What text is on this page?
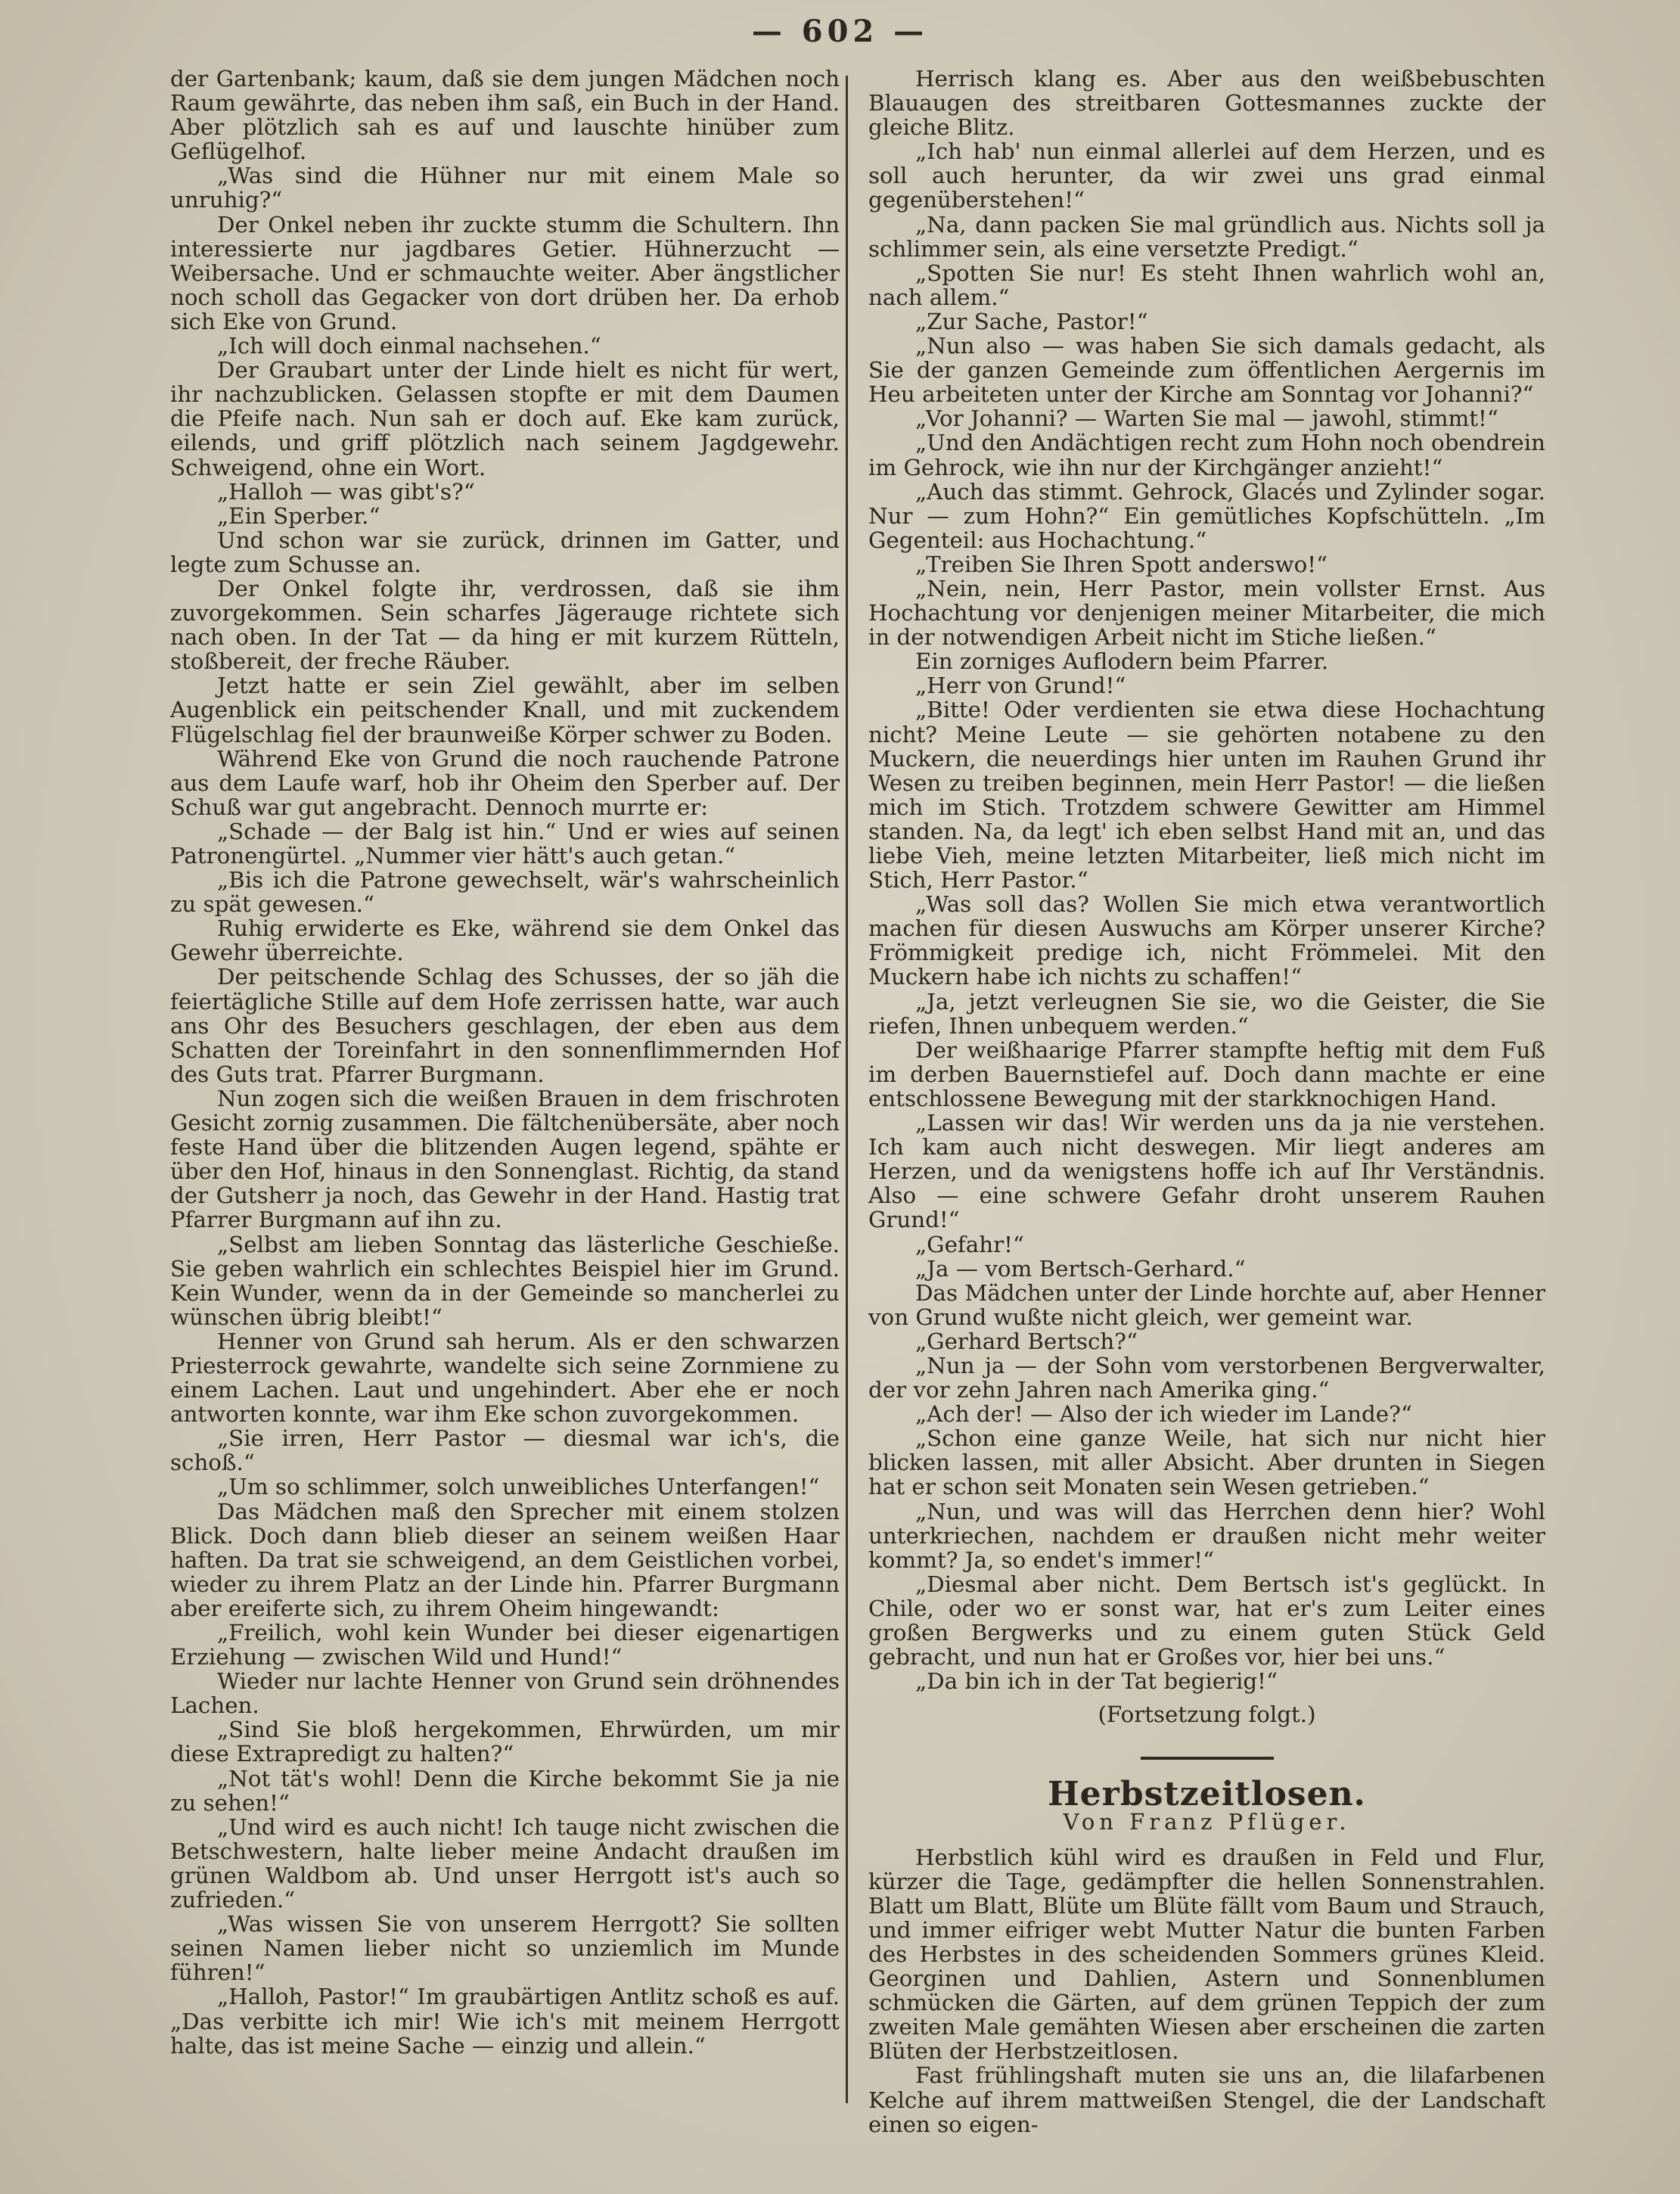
— 602 —

der Gartenbank; kaum, daß sie dem jungen Mädchen noch Raum gewährte, das neben ihm saß, ein Buch in der Hand. Aber plötzlich sah es auf und lauschte hinüber zum Geflügelhof.

„Was sind die Hühner nur mit einem Male so unruhig?“

Der Onkel neben ihr zuckte stumm die Schultern. Ihn interessierte nur jagdbares Getier. Hühnerzucht — Weibersache. Und er schmauchte weiter. Aber ängstlicher noch scholl das Gegacker von dort drüben her. Da erhob sich Eke von Grund.

„Ich will doch einmal nachsehen.“

Der Graubart unter der Linde hielt es nicht für wert, ihr nachzublicken. Gelassen stopfte er mit dem Daumen die Pfeife nach. Nun sah er doch auf. Eke kam zurück, eilends, und griff plötzlich nach seinem Jagdgewehr. Schweigend, ohne ein Wort.

„Halloh — was gibt's?“

„Ein Sperber.“

Und schon war sie zurück, drinnen im Gatter, und legte zum Schusse an.

Der Onkel folgte ihr, verdrossen, daß sie ihm zuvorgekommen. Sein scharfes Jägerauge richtete sich nach oben. In der Tat — da hing er mit kurzem Rütteln, stoßbereit, der freche Räuber.

Jetzt hatte er sein Ziel gewählt, aber im selben Augenblick ein peitschender Knall, und mit zuckendem Flügelschlag fiel der braunweiße Körper schwer zu Boden.

Während Eke von Grund die noch rauchende Patrone aus dem Laufe warf, hob ihr Oheim den Sperber auf. Der Schuß war gut angebracht. Dennoch murrte er:

„Schade — der Balg ist hin.“ Und er wies auf seinen Patronengürtel. „Nummer vier hätt's auch getan.“

„Bis ich die Patrone gewechselt, wär's wahrscheinlich zu spät gewesen.“

Ruhig erwiderte es Eke, während sie dem Onkel das Gewehr überreichte.

Der peitschende Schlag des Schusses, der so jäh die feiertägliche Stille auf dem Hofe zerrissen hatte, war auch ans Ohr des Besuchers geschlagen, der eben aus dem Schatten der Toreinfahrt in den sonnenflimmernden Hof des Guts trat. Pfarrer Burgmann.

Nun zogen sich die weißen Brauen in dem frischroten Gesicht zornig zusammen. Die fältchenübersäte, aber noch feste Hand über die blitzenden Augen legend, spähte er über den Hof, hinaus in den Sonnenglast. Richtig, da stand der Gutsherr ja noch, das Gewehr in der Hand. Hastig trat Pfarrer Burgmann auf ihn zu.

„Selbst am lieben Sonntag das lästerliche Geschieße. Sie geben wahrlich ein schlechtes Beispiel hier im Grund. Kein Wunder, wenn da in der Gemeinde so mancherlei zu wünschen übrig bleibt!“

Henner von Grund sah herum. Als er den schwarzen Priesterrock gewahrte, wandelte sich seine Zornmiene zu einem Lachen. Laut und ungehindert. Aber ehe er noch antworten konnte, war ihm Eke schon zuvorgekommen.

„Sie irren, Herr Pastor — diesmal war ich's, die schoß.“

„Um so schlimmer, solch unweibliches Unterfangen!“

Das Mädchen maß den Sprecher mit einem stolzen Blick. Doch dann blieb dieser an seinem weißen Haar haften. Da trat sie schweigend, an dem Geistlichen vorbei, wieder zu ihrem Platz an der Linde hin. Pfarrer Burgmann aber ereiferte sich, zu ihrem Oheim hingewandt:

„Freilich, wohl kein Wunder bei dieser eigenartigen Erziehung — zwischen Wild und Hund!“

Wieder nur lachte Henner von Grund sein dröhnendes Lachen.

„Sind Sie bloß hergekommen, Ehrwürden, um mir diese Extrapredigt zu halten?“

„Not tät's wohl! Denn die Kirche bekommt Sie ja nie zu sehen!“

„Und wird es auch nicht! Ich tauge nicht zwischen die Betschwestern, halte lieber meine Andacht draußen im grünen Waldbom ab. Und unser Herrgott ist's auch so zufrieden.“

„Was wissen Sie von unserem Herrgott? Sie sollten seinen Namen lieber nicht so unziemlich im Munde führen!“

„Halloh, Pastor!“ Im graubärtigen Antlitz schoß es auf. „Das verbitte ich mir! Wie ich's mit meinem Herrgott halte, das ist meine Sache — einzig und allein.“

Herrisch klang es. Aber aus den weißbebuschten Blauaugen des streitbaren Gottesmannes zuckte der gleiche Blitz.

„Ich hab' nun einmal allerlei auf dem Herzen, und es soll auch herunter, da wir zwei uns grad einmal gegenüberstehen!“

„Na, dann packen Sie mal gründlich aus. Nichts soll ja schlimmer sein, als eine versetzte Predigt.“

„Spotten Sie nur! Es steht Ihnen wahrlich wohl an, nach allem.“

„Zur Sache, Pastor!“

„Nun also — was haben Sie sich damals gedacht, als Sie der ganzen Gemeinde zum öffentlichen Aergernis im Heu arbeiteten unter der Kirche am Sonntag vor Johanni?“

„Vor Johanni? — Warten Sie mal — jawohl, stimmt!“

„Und den Andächtigen recht zum Hohn noch obendrein im Gehrock, wie ihn nur der Kirchgänger anzieht!“

„Auch das stimmt. Gehrock, Glacés und Zylinder sogar. Nur — zum Hohn?“ Ein gemütliches Kopfschütteln. „Im Gegenteil: aus Hochachtung.“

„Treiben Sie Ihren Spott anderswo!“

„Nein, nein, Herr Pastor, mein vollster Ernst. Aus Hochachtung vor denjenigen meiner Mitarbeiter, die mich in der notwendigen Arbeit nicht im Stiche ließen.“

Ein zorniges Auflodern beim Pfarrer.

„Herr von Grund!“

„Bitte! Oder verdienten sie etwa diese Hochachtung nicht? Meine Leute — sie gehörten notabene zu den Muckern, die neuerdings hier unten im Rauhen Grund ihr Wesen zu treiben beginnen, mein Herr Pastor! — die ließen mich im Stich. Trotzdem schwere Gewitter am Himmel standen. Na, da legt' ich eben selbst Hand mit an, und das liebe Vieh, meine letzten Mitarbeiter, ließ mich nicht im Stich, Herr Pastor.“

„Was soll das? Wollen Sie mich etwa verantwortlich machen für diesen Auswuchs am Körper unserer Kirche? Frömmigkeit predige ich, nicht Frömmelei. Mit den Muckern habe ich nichts zu schaffen!“

„Ja, jetzt verleugnen Sie sie, wo die Geister, die Sie riefen, Ihnen unbequem werden.“

Der weißhaarige Pfarrer stampfte heftig mit dem Fuß im derben Bauernstiefel auf. Doch dann machte er eine entschlossene Bewegung mit der starkknochigen Hand.

„Lassen wir das! Wir werden uns da ja nie verstehen. Ich kam auch nicht deswegen. Mir liegt anderes am Herzen, und da wenigstens hoffe ich auf Ihr Verständnis. Also — eine schwere Gefahr droht unserem Rauhen Grund!“

„Gefahr!“

„Ja — vom Bertsch-Gerhard.“

Das Mädchen unter der Linde horchte auf, aber Henner von Grund wußte nicht gleich, wer gemeint war.

„Gerhard Bertsch?“

„Nun ja — der Sohn vom verstorbenen Bergverwalter, der vor zehn Jahren nach Amerika ging.“

„Ach der! — Also der ich wieder im Lande?“

„Schon eine ganze Weile, hat sich nur nicht hier blicken lassen, mit aller Absicht. Aber drunten in Siegen hat er schon seit Monaten sein Wesen getrieben.“

„Nun, und was will das Herrchen denn hier? Wohl unterkriechen, nachdem er draußen nicht mehr weiter kommt? Ja, so endet's immer!“

„Diesmal aber nicht. Dem Bertsch ist's geglückt. In Chile, oder wo er sonst war, hat er's zum Leiter eines großen Bergwerks und zu einem guten Stück Geld gebracht, und nun hat er Großes vor, hier bei uns.“

„Da bin ich in der Tat begierig!“

(Fortsetzung folgt.)

Herbstzeitlosen.
Von Franz Pflüger.

Herbstlich kühl wird es draußen in Feld und Flur, kürzer die Tage, gedämpfter die hellen Sonnenstrahlen. Blatt um Blatt, Blüte um Blüte fällt vom Baum und Strauch, und immer eifriger webt Mutter Natur die bunten Farben des Herbstes in des scheidenden Sommers grünes Kleid. Georginen und Dahlien, Astern und Sonnenblumen schmücken die Gärten, auf dem grünen Teppich der zum zweiten Male gemähten Wiesen aber erscheinen die zarten Blüten der Herbstzeitlosen.

Fast frühlingshaft muten sie uns an, die lilafarbenen Kelche auf ihrem mattweißen Stengel, die der Landschaft einen so eigen-
